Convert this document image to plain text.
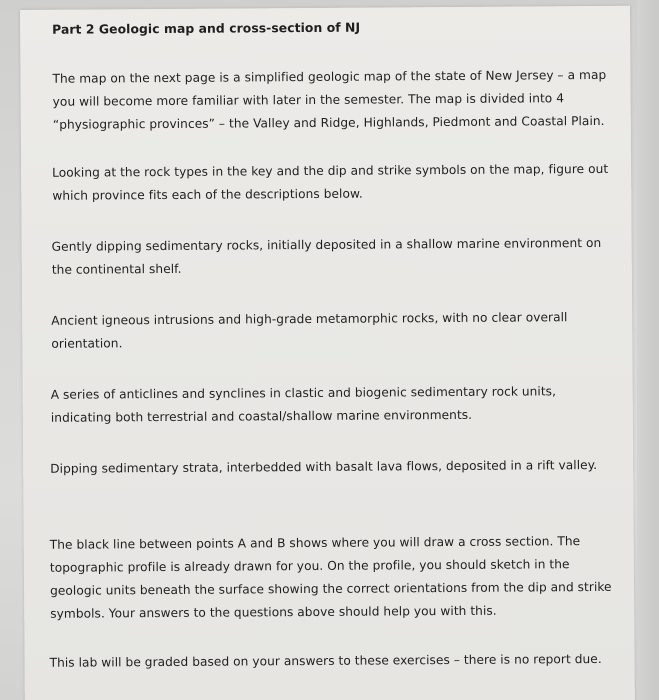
Part 2 Geologic map and cross-section of NJ
The map on the next page is a simplified geologic map of the state of New Jersey – a map
you will become more familiar with later in the semester. The map is divided into 4
“physiographic provinces” – the Valley and Ridge, Highlands, Piedmont and Coastal Plain.
Looking at the rock types in the key and the dip and strike symbols on the map, figure out
which province fits each of the descriptions below.
Gently dipping sedimentary rocks, initially deposited in a shallow marine environment on
the continental shelf.
Ancient igneous intrusions and high-grade metamorphic rocks, with no clear overall
orientation.
A series of anticlines and synclines in clastic and biogenic sedimentary rock units,
indicating both terrestrial and coastal/shallow marine environments.
Dipping sedimentary strata, interbedded with basalt lava flows, deposited in a rift valley.
The black line between points A and B shows where you will draw a cross section. The
topographic profile is already drawn for you. On the profile, you should sketch in the
geologic units beneath the surface showing the correct orientations from the dip and strike
symbols. Your answers to the questions above should help you with this.
This lab will be graded based on your answers to these exercises – there is no report due.
